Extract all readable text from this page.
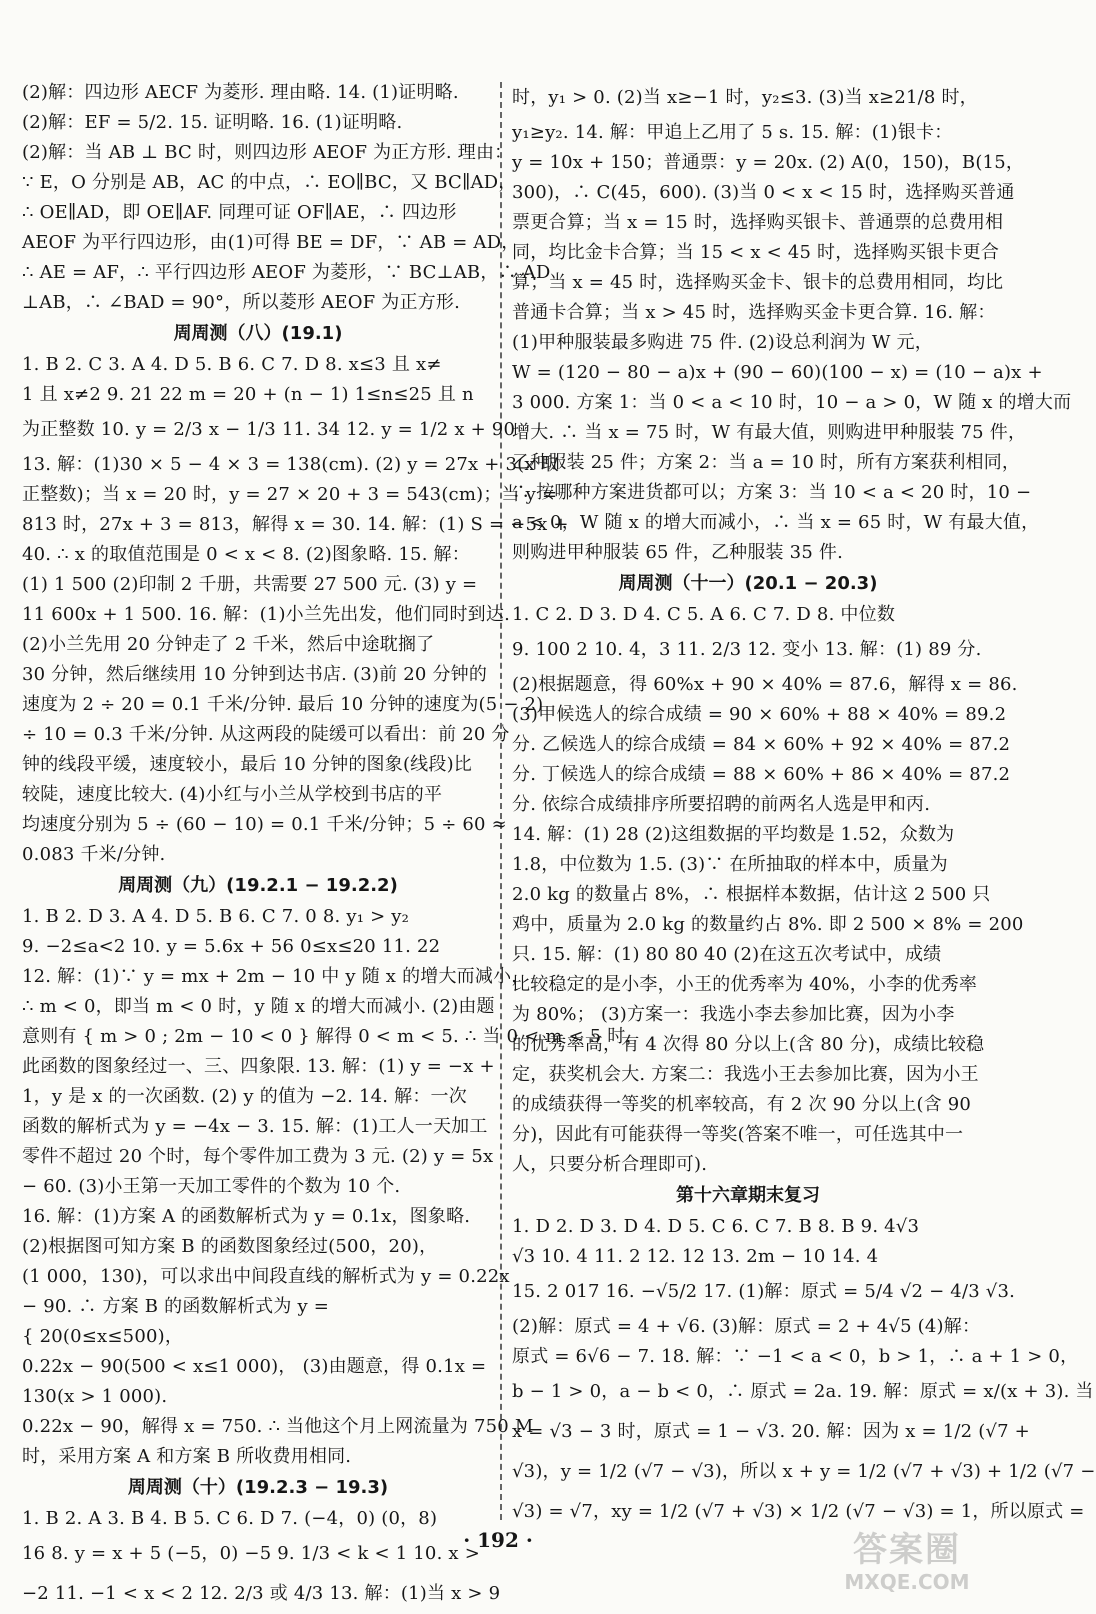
(2)解：四边形 AECF 为菱形. 理由略. 14. (1)证明略.
(2)解：EF = 5/2. 15. 证明略. 16. (1)证明略.
(2)解：当 AB ⊥ BC 时，则四边形 AEOF 为正方形. 理由：
∵ E，O 分别是 AB，AC 的中点，∴ EO∥BC，又 BC∥AD，
∴ OE∥AD，即 OE∥AF. 同理可证 OF∥AE，∴ 四边形
AEOF 为平行四边形，由(1)可得 BE = DF，∵ AB = AD，
∴ AE = AF，∴ 平行四边形 AEOF 为菱形，∵ BC⊥AB，∴ AD
⊥AB，∴ ∠BAD = 90°，所以菱形 AEOF 为正方形.
周周测（八）(19.1)
1. B 2. C 3. A 4. D 5. B 6. C 7. D 8. x≤3 且 x≠
1 且 x≠2 9. 21 22 m = 20 + (n − 1) 1≤n≤25 且 n
为正整数 10. y = 2/3 x − 1/3 11. 34 12. y = 1/2 x + 90
13. 解：(1)30 × 5 − 4 × 3 = 138(cm). (2) y = 27x + 3(x 取
正整数)；当 x = 20 时，y = 27 × 20 + 3 = 543(cm)；当 y =
813 时，27x + 3 = 813，解得 x = 30. 14. 解：(1) S = −5x +
40. ∴ x 的取值范围是 0 < x < 8. (2)图象略. 15. 解：
(1) 1 500 (2)印制 2 千册，共需要 27 500 元. (3) y =
11 600x + 1 500. 16. 解：(1)小兰先出发，他们同时到达.
(2)小兰先用 20 分钟走了 2 千米，然后中途耽搁了
30 分钟，然后继续用 10 分钟到达书店. (3)前 20 分钟的
速度为 2 ÷ 20 = 0.1 千米/分钟. 最后 10 分钟的速度为(5 − 2)
÷ 10 = 0.3 千米/分钟. 从这两段的陡缓可以看出：前 20 分
钟的线段平缓，速度较小，最后 10 分钟的图象(线段)比
较陡，速度比较大. (4)小红与小兰从学校到书店的平
均速度分别为 5 ÷ (60 − 10) = 0.1 千米/分钟；5 ÷ 60 ≈
0.083 千米/分钟.
周周测（九）(19.2.1 − 19.2.2)
1. B 2. D 3. A 4. D 5. B 6. C 7. 0 8. y₁ > y₂
9. −2≤a<2 10. y = 5.6x + 56 0≤x≤20 11. 22
12. 解：(1)∵ y = mx + 2m − 10 中 y 随 x 的增大而减小，
∴ m < 0，即当 m < 0 时，y 随 x 的增大而减小. (2)由题
意则有 { m > 0 ; 2m − 10 < 0 } 解得 0 < m < 5. ∴ 当 0 < m < 5 时，
此函数的图象经过一、三、四象限. 13. 解：(1) y = −x +
1，y 是 x 的一次函数. (2) y 的值为 −2. 14. 解：一次
函数的解析式为 y = −4x − 3. 15. 解：(1)工人一天加工
零件不超过 20 个时，每个零件加工费为 3 元. (2) y = 5x
− 60. (3)小王第一天加工零件的个数为 10 个.
16. 解：(1)方案 A 的函数解析式为 y = 0.1x，图象略.
(2)根据图可知方案 B 的函数图象经过(500，20)，
(1 000，130)，可以求出中间段直线的解析式为 y = 0.22x
− 90. ∴ 方案 B 的函数解析式为 y =
{ 20(0≤x≤500)，
0.22x − 90(500 < x≤1 000)， (3)由题意，得 0.1x =
130(x > 1 000).
0.22x − 90，解得 x = 750. ∴ 当他这个月上网流量为 750 M
时，采用方案 A 和方案 B 所收费用相同.
周周测（十）(19.2.3 − 19.3)
1. B 2. A 3. B 4. B 5. C 6. D 7. (−4，0) (0，8)
16 8. y = x + 5 (−5，0) −5 9. 1/3 < k < 1 10. x >
−2 11. −1 < x < 2 12. 2/3 或 4/3 13. 解：(1)当 x > 9
时，y₁ > 0. (2)当 x≥−1 时，y₂≤3. (3)当 x≥21/8 时，
y₁≥y₂. 14. 解：甲追上乙用了 5 s. 15. 解：(1)银卡：
y = 10x + 150；普通票：y = 20x. (2) A(0，150)，B(15，
300)，∴ C(45，600). (3)当 0 < x < 15 时，选择购买普通
票更合算；当 x = 15 时，选择购买银卡、普通票的总费用相
同，均比金卡合算；当 15 < x < 45 时，选择购买银卡更合
算；当 x = 45 时，选择购买金卡、银卡的总费用相同，均比
普通卡合算；当 x > 45 时，选择购买金卡更合算. 16. 解：
(1)甲种服装最多购进 75 件. (2)设总利润为 W 元，
W = (120 − 80 − a)x + (90 − 60)(100 − x) = (10 − a)x +
3 000. 方案 1：当 0 < a < 10 时，10 − a > 0，W 随 x 的增大而
增大. ∴ 当 x = 75 时，W 有最大值，则购进甲种服装 75 件，
乙种服装 25 件；方案 2：当 a = 10 时，所有方案获利相同，
∴ 按哪种方案进货都可以；方案 3：当 10 < a < 20 时，10 −
a < 0，W 随 x 的增大而减小，∴ 当 x = 65 时，W 有最大值，
则购进甲种服装 65 件，乙种服装 35 件.
周周测（十一）(20.1 − 20.3)
1. C 2. D 3. D 4. C 5. A 6. C 7. D 8. 中位数
9. 100 2 10. 4，3 11. 2/3 12. 变小 13. 解：(1) 89 分.
(2)根据题意，得 60%x + 90 × 40% = 87.6，解得 x = 86.
(3)甲候选人的综合成绩 = 90 × 60% + 88 × 40% = 89.2
分. 乙候选人的综合成绩 = 84 × 60% + 92 × 40% = 87.2
分. 丁候选人的综合成绩 = 88 × 60% + 86 × 40% = 87.2
分. 依综合成绩排序所要招聘的前两名人选是甲和丙.
14. 解：(1) 28 (2)这组数据的平均数是 1.52，众数为
1.8，中位数为 1.5. (3)∵ 在所抽取的样本中，质量为
2.0 kg 的数量占 8%，∴ 根据样本数据，估计这 2 500 只
鸡中，质量为 2.0 kg 的数量约占 8%. 即 2 500 × 8% = 200
只. 15. 解：(1) 80 80 40 (2)在这五次考试中，成绩
比较稳定的是小李，小王的优秀率为 40%，小李的优秀率
为 80%； (3)方案一：我选小李去参加比赛，因为小李
的优秀率高，有 4 次得 80 分以上(含 80 分)，成绩比较稳
定，获奖机会大. 方案二：我选小王去参加比赛，因为小王
的成绩获得一等奖的机率较高，有 2 次 90 分以上(含 90
分)，因此有可能获得一等奖(答案不唯一，可任选其中一
人，只要分析合理即可).
第十六章期末复习
1. D 2. D 3. D 4. D 5. C 6. C 7. B 8. B 9. 4√3
√3 10. 4 11. 2 12. 12 13. 2m − 10 14. 4
15. 2 017 16. −√5/2 17. (1)解：原式 = 5/4 √2 − 4/3 √3.
(2)解：原式 = 4 + √6. (3)解：原式 = 2 + 4√5 (4)解：
原式 = 6√6 − 7. 18. 解：∵ −1 < a < 0，b > 1，∴ a + 1 > 0，
b − 1 > 0，a − b < 0，∴ 原式 = 2a. 19. 解：原式 = x/(x + 3). 当
x = √3 − 3 时，原式 = 1 − √3. 20. 解：因为 x = 1/2 (√7 +
√3)，y = 1/2 (√7 − √3)，所以 x + y = 1/2 (√7 + √3) + 1/2 (√7 −
√3) = √7，xy = 1/2 (√7 + √3) × 1/2 (√7 − √3) = 1，所以原式 =
· 192 ·	答案圈
MXQE.COM
